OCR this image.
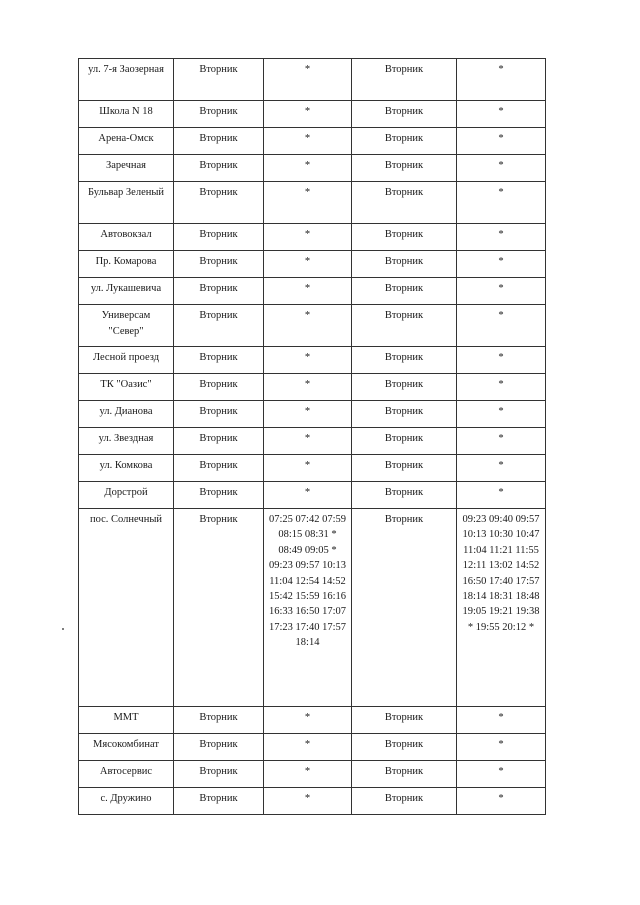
ул. 7-я Заозерная	Вторник	*	Вторник	*
Школа N 18	Вторник	*	Вторник	*
Арена-Омск	Вторник	*	Вторник	*
Заречная	Вторник	*	Вторник	*
Бульвар Зеленый	Вторник	*	Вторник	*
Автовокзал	Вторник	*	Вторник	*
Пр. Комарова	Вторник	*	Вторник	*
ул. Лукашевича	Вторник	*	Вторник	*
Универсам "Север"	Вторник	*	Вторник	*
Лесной проезд	Вторник	*	Вторник	*
ТК "Оазис"	Вторник	*	Вторник	*
ул. Дианова	Вторник	*	Вторник	*
ул. Звездная	Вторник	*	Вторник	*
ул. Комкова	Вторник	*	Вторник	*
Дорстрой	Вторник	*	Вторник	*
пос. Солнечный	Вторник	07:25 07:42 07:59 08:15 08:31 * 08:49 09:05 * 09:23 09:57 10:13 11:04 12:54 14:52 15:42 15:59 16:16 16:33 16:50 17:07 17:23 17:40 17:57 18:14	Вторник	09:23 09:40 09:57 10:13 10:30 10:47 11:04 11:21 11:55 12:11 13:02 14:52 16:50 17:40 17:57 18:14 18:31 18:48 19:05 19:21 19:38 * 19:55 20:12 *
ММТ	Вторник	*	Вторник	*
Мясокомбинат	Вторник	*	Вторник	*
Автосервис	Вторник	*	Вторник	*
с. Дружино	Вторник	*	Вторник	*
